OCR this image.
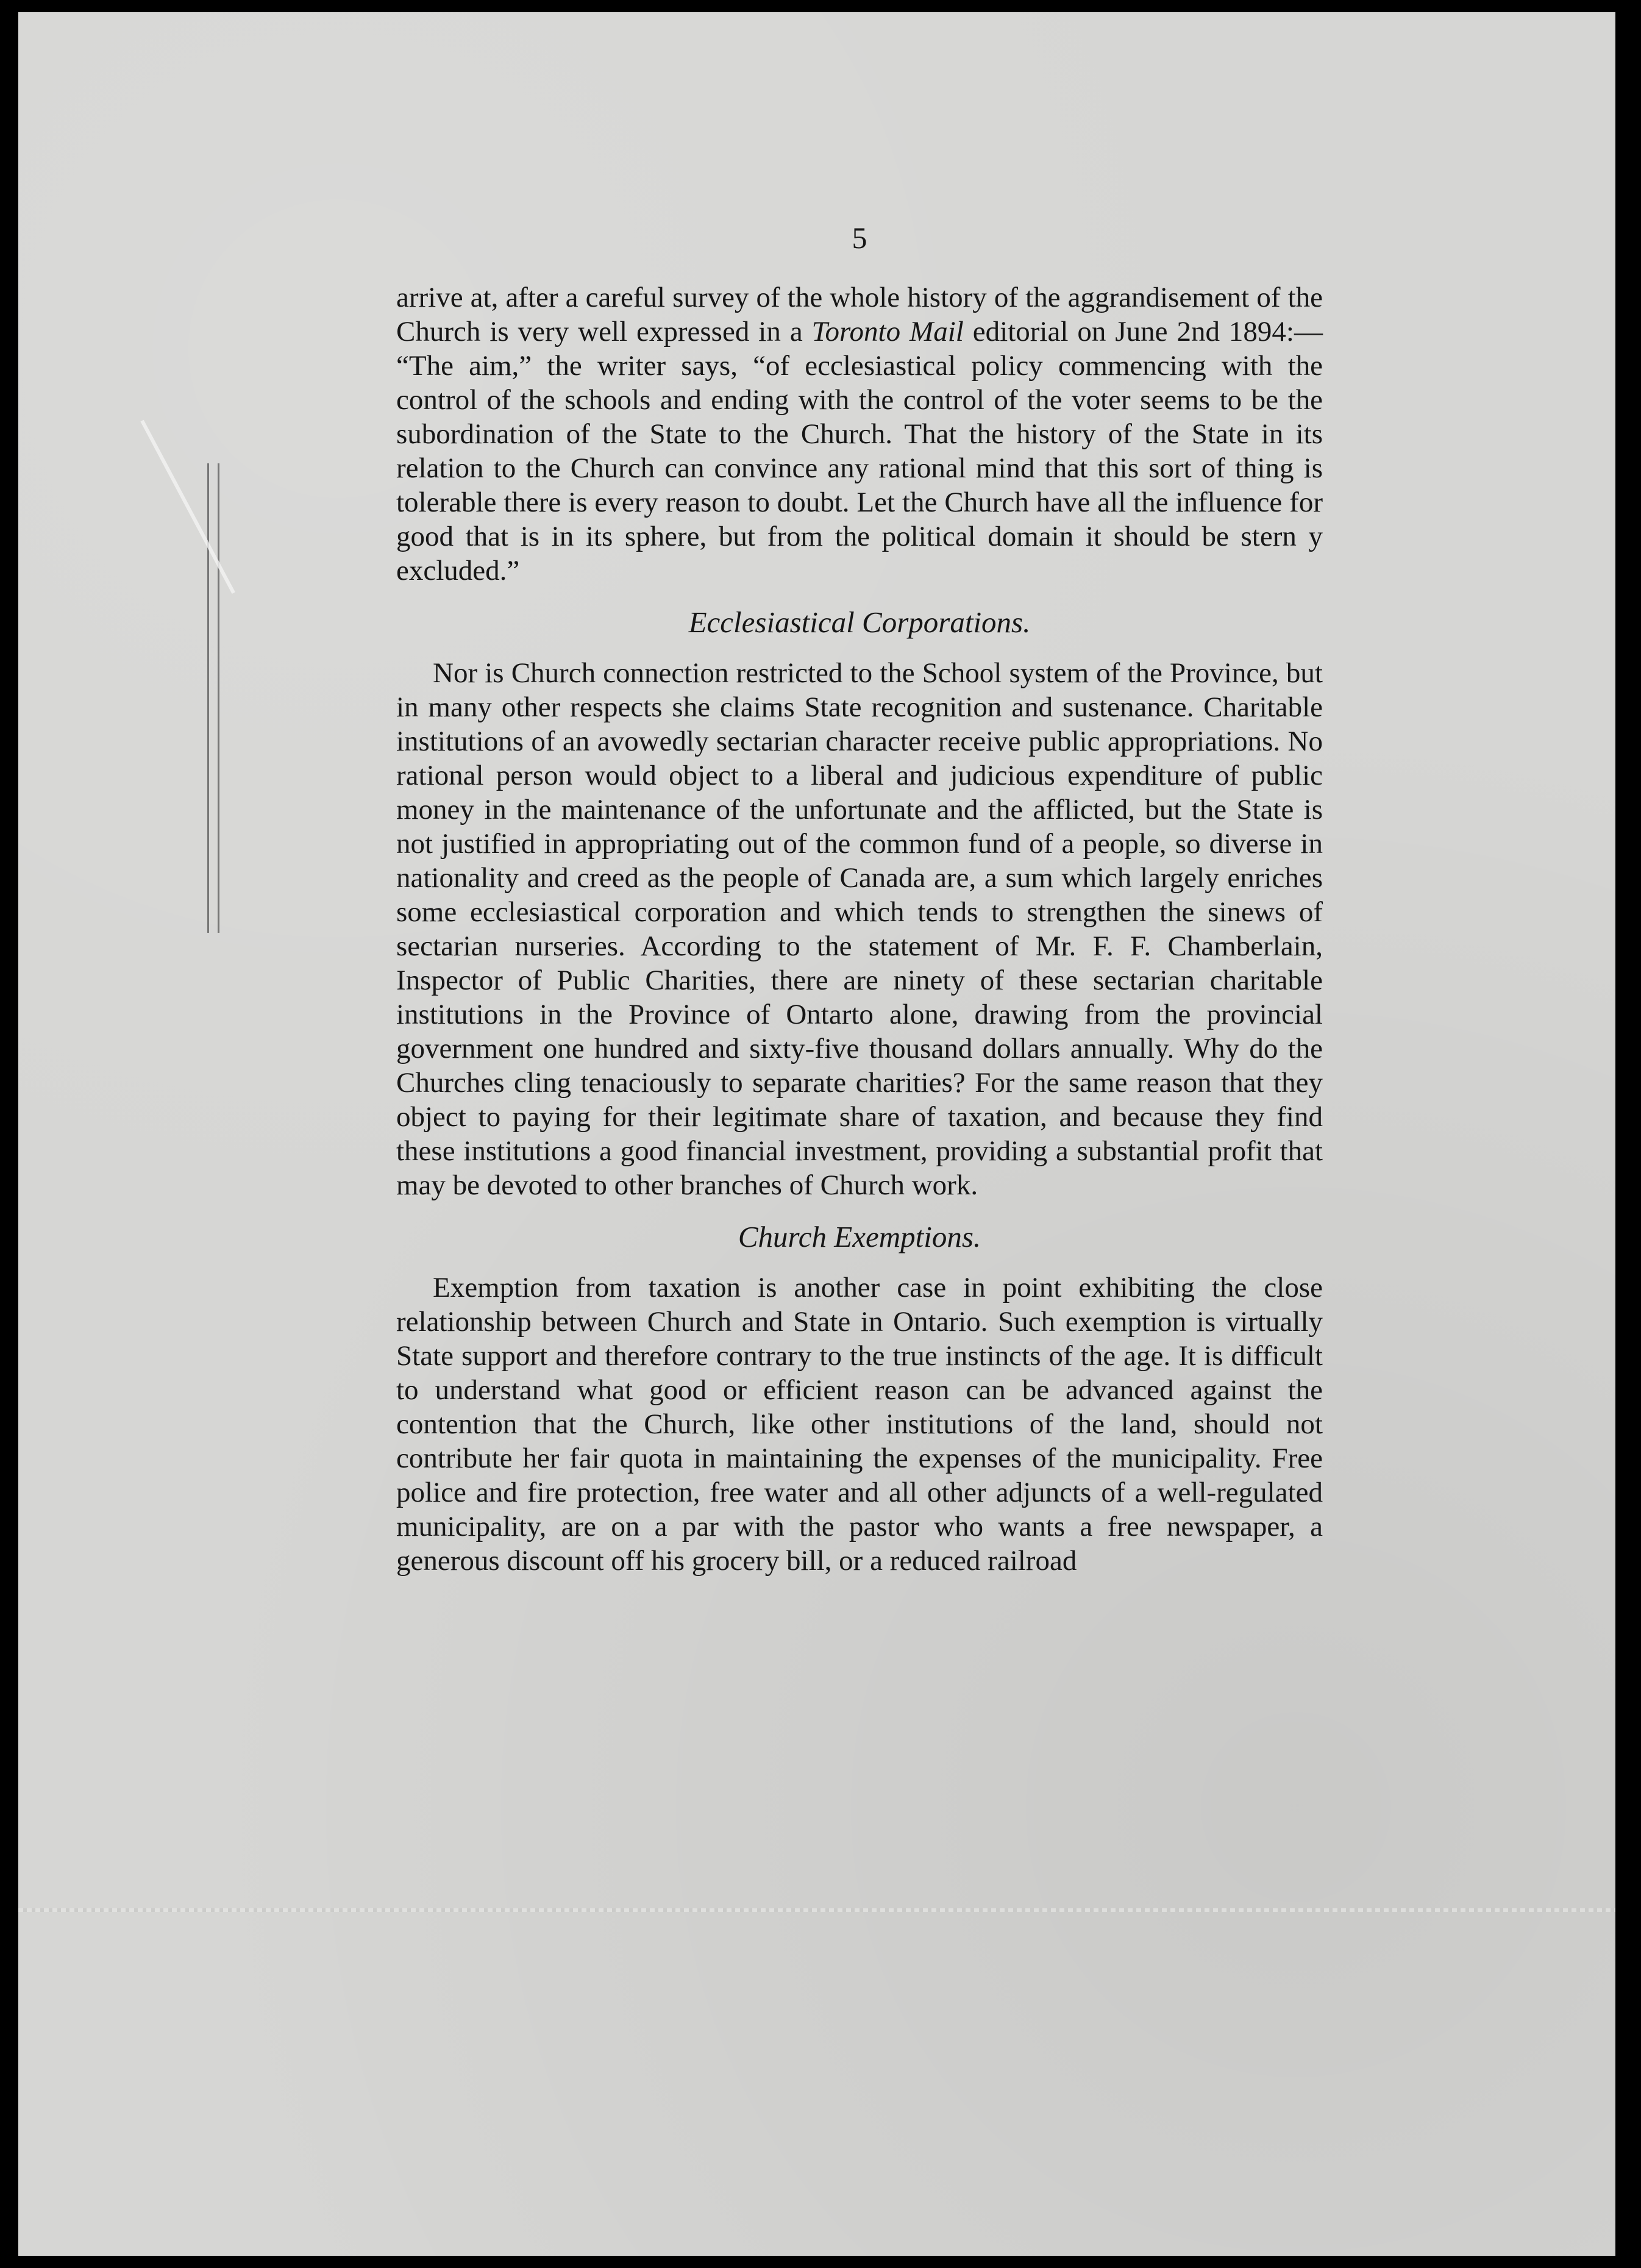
5

arrive at, after a careful survey of the whole history of the aggrandisement of the Church is very well expressed in a Toronto Mail editorial on June 2nd 1894:— “The aim,” the writer says, “of ecclesiastical policy commencing with the control of the schools and ending with the control of the voter seems to be the subordination of the State to the Church. That the history of the State in its relation to the Church can convince any rational mind that this sort of thing is tolerable there is every reason to doubt. Let the Church have all the influence for good that is in its sphere, but from the political domain it should be stern y excluded.”

Ecclesiastical Corporations.

Nor is Church connection restricted to the School system of the Province, but in many other respects she claims State recognition and sustenance. Charitable institutions of an avowedly sectarian character receive public appropriations. No rational person would object to a liberal and judicious expenditure of public money in the maintenance of the unfortunate and the afflicted, but the State is not justified in appropriating out of the common fund of a people, so diverse in nationality and creed as the people of Canada are, a sum which largely enriches some ecclesiastical corporation and which tends to strengthen the sinews of sectarian nurseries. According to the statement of Mr. F. F. Chamberlain, Inspector of Public Charities, there are ninety of these sectarian charitable institutions in the Province of Ontarto alone, drawing from the provincial government one hundred and sixty-five thousand dollars annually. Why do the Churches cling tenaciously to separate charities? For the same reason that they object to paying for their legitimate share of taxation, and because they find these institutions a good financial investment, providing a substantial profit that may be devoted to other branches of Church work.

Church Exemptions.

Exemption from taxation is another case in point exhibiting the close relationship between Church and State in Ontario. Such exemption is virtually State support and therefore contrary to the true instincts of the age. It is difficult to understand what good or efficient reason can be advanced against the contention that the Church, like other institutions of the land, should not contribute her fair quota in maintaining the expenses of the municipality. Free police and fire protection, free water and all other adjuncts of a well-regulated municipality, are on a par with the pastor who wants a free newspaper, a generous discount off his grocery bill, or a reduced railroad
